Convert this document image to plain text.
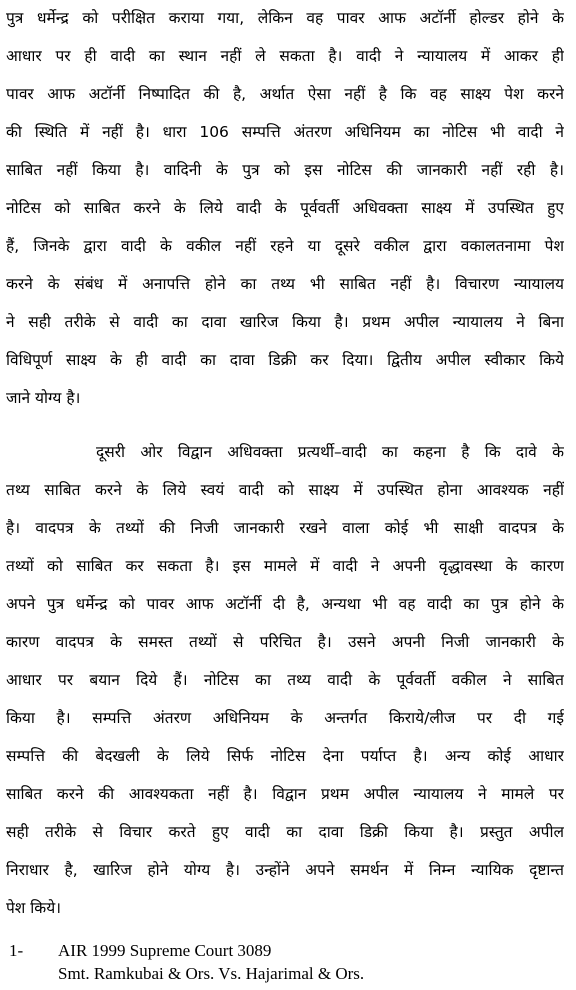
पुत्र धर्मेन्द्र को परीक्षित कराया गया, लेकिन वह पावर आफ अटॉर्नी होल्डर होने के
आधार पर ही वादी का स्थान नहीं ले सकता है। वादी ने न्यायालय में आकर ही
पावर आफ अटॉर्नी निष्पादित की है, अर्थात ऐसा नहीं है कि वह साक्ष्य पेश करने
की स्थिति में नहीं है। धारा 106 सम्पत्ति अंतरण अधिनियम का नोटिस भी वादी ने
साबित नहीं किया है। वादिनी के पुत्र को इस नोटिस की जानकारी नहीं रही है।
नोटिस को साबित करने के लिये वादी के पूर्ववर्ती अधिवक्ता साक्ष्य में उपस्थित हुए
हैं, जिनके द्वारा वादी के वकील नहीं रहने या दूसरे वकील द्वारा वकालतनामा पेश
करने के संबंध में अनापत्ति होने का तथ्य भी साबित नहीं है। विचारण न्यायालय
ने सही तरीके से वादी का दावा खारिज किया है। प्रथम अपील न्यायालय ने बिना
विधिपूर्ण साक्ष्य के ही वादी का दावा डिक्री कर दिया। द्वितीय अपील स्वीकार किये
जाने योग्य है।
दूसरी ओर विद्वान अधिवक्ता प्रत्यर्थी–वादी का कहना है कि दावे के
तथ्य साबित करने के लिये स्वयं वादी को साक्ष्य में उपस्थित होना आवश्यक नहीं
है। वादपत्र के तथ्यों की निजी जानकारी रखने वाला कोई भी साक्षी वादपत्र के
तथ्यों को साबित कर सकता है। इस मामले में वादी ने अपनी वृद्धावस्था के कारण
अपने पुत्र धर्मेन्द्र को पावर आफ अटॉर्नी दी है, अन्यथा भी वह वादी का पुत्र होने के
कारण वादपत्र के समस्त तथ्यों से परिचित है। उसने अपनी निजी जानकारी के
आधार पर बयान दिये हैं। नोटिस का तथ्य वादी के पूर्ववर्ती वकील ने साबित
किया है। सम्पत्ति अंतरण अधिनियम के अन्तर्गत किराये/लीज पर दी गई
सम्पत्ति की बेदखली के लिये सिर्फ नोटिस देना पर्याप्त है। अन्य कोई आधार
साबित करने की आवश्यकता नहीं है। विद्वान प्रथम अपील न्यायालय ने मामले पर
सही तरीके से विचार करते हुए वादी का दावा डिक्री किया है। प्रस्तुत अपील
निराधार है, खारिज होने योग्य है। उन्होंने अपने समर्थन में निम्न न्यायिक दृष्टान्त
पेश किये।
1- AIR 1999 Supreme Court 3089
Smt. Ramkubai & Ors. Vs. Hajarimal & Ors.
